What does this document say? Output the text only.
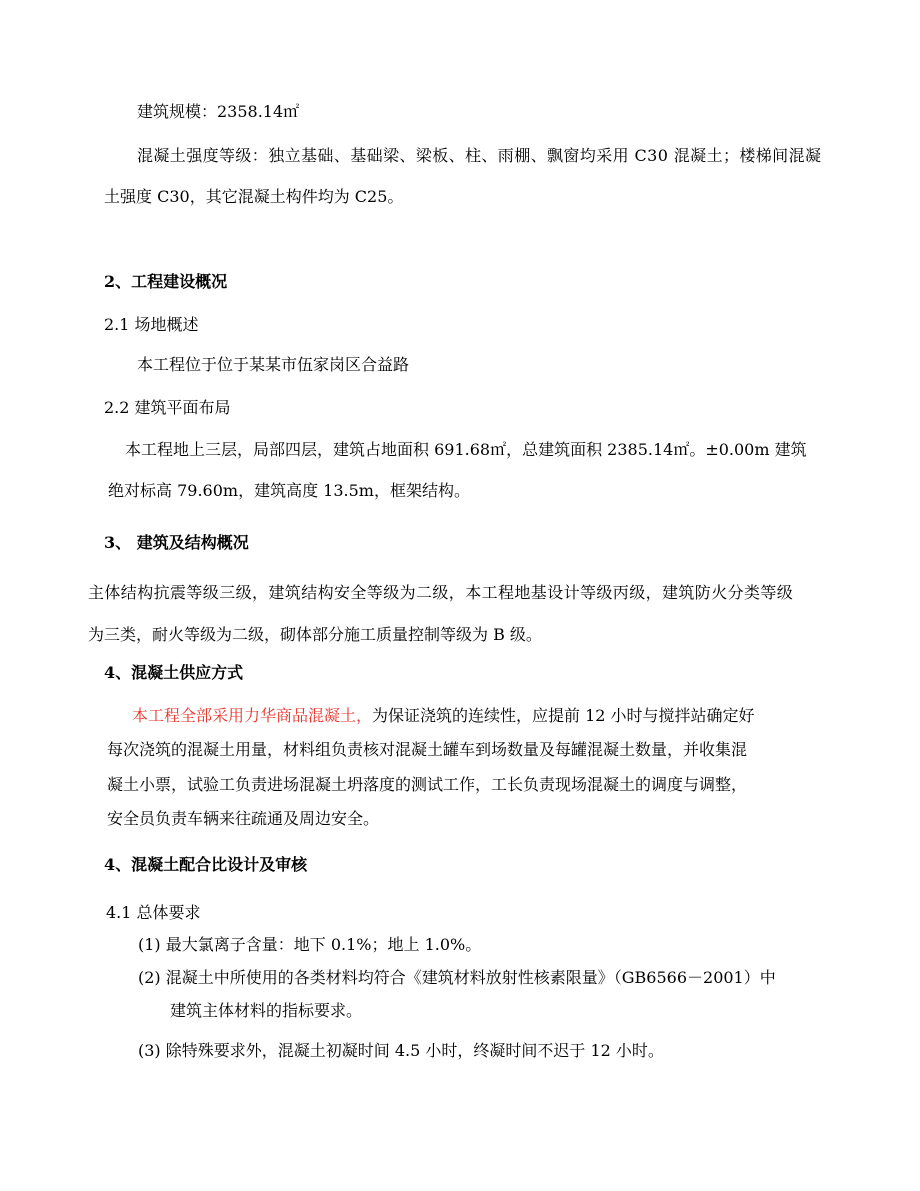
建筑规模：2358.14㎡
混凝土强度等级：独立基础、基础梁、梁板、柱、雨棚、飘窗均采用 C30 混凝土；楼梯间混凝
土强度 C30，其它混凝土构件均为 C25。
2、工程建设概况
2.1 场地概述
本工程位于位于某某市伍家岗区合益路
2.2 建筑平面布局
本工程地上三层，局部四层，建筑占地面积 691.68㎡，总建筑面积 2385.14㎡。±0.00m 建筑
绝对标高 79.60m，建筑高度 13.5m，框架结构。
3、 建筑及结构概况
主体结构抗震等级三级，建筑结构安全等级为二级，本工程地基设计等级丙级，建筑防火分类等级
为三类，耐火等级为二级，砌体部分施工质量控制等级为 B 级。
4、混凝土供应方式
本工程全部采用力华商品混凝土，为保证浇筑的连续性，应提前 12 小时与搅拌站确定好
每次浇筑的混凝土用量，材料组负责核对混凝土罐车到场数量及每罐混凝土数量，并收集混
凝土小票，试验工负责进场混凝土坍落度的测试工作，工长负责现场混凝土的调度与调整，
安全员负责车辆来往疏通及周边安全。
4、混凝土配合比设计及审核
4.1 总体要求
(1) 最大氯离子含量：地下 0.1%；地上 1.0%。
(2) 混凝土中所使用的各类材料均符合《建筑材料放射性核素限量》（GB6566－2001）中
建筑主体材料的指标要求。
(3) 除特殊要求外，混凝土初凝时间 4.5 小时，终凝时间不迟于 12 小时。
